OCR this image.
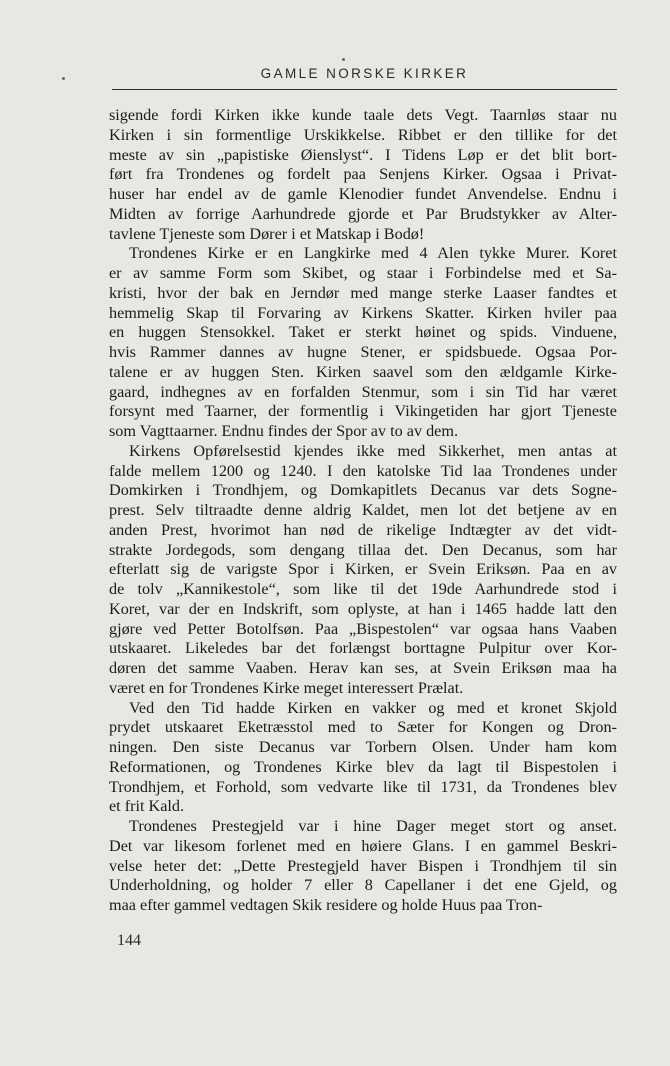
GAMLE NORSKE KIRKER
sigende fordi Kirken ikke kunde taale dets Vegt. Taarnløs staar nu
Kirken i sin formentlige Urskikkelse. Ribbet er den tillike for det
meste av sin „papistiske Øienslyst“. I Tidens Løp er det blit bort-
ført fra Trondenes og fordelt paa Senjens Kirker. Ogsaa i Privat-
huser har endel av de gamle Klenodier fundet Anvendelse. Endnu i
Midten av forrige Aarhundrede gjorde et Par Brudstykker av Alter-
tavlene Tjeneste som Dører i et Matskap i Bodø!
Trondenes Kirke er en Langkirke med 4 Alen tykke Murer. Koret
er av samme Form som Skibet, og staar i Forbindelse med et Sa-
kristi, hvor der bak en Jerndør med mange sterke Laaser fandtes et
hemmelig Skap til Forvaring av Kirkens Skatter. Kirken hviler paa
en huggen Stensokkel. Taket er sterkt høinet og spids. Vinduene,
hvis Rammer dannes av hugne Stener, er spidsbuede. Ogsaa Por-
talene er av huggen Sten. Kirken saavel som den ældgamle Kirke-
gaard, indhegnes av en forfalden Stenmur, som i sin Tid har været
forsynt med Taarner, der formentlig i Vikingetiden har gjort Tjeneste
som Vagttaarner. Endnu findes der Spor av to av dem.
Kirkens Opførelsestid kjendes ikke med Sikkerhet, men antas at
falde mellem 1200 og 1240. I den katolske Tid laa Trondenes under
Domkirken i Trondhjem, og Domkapitlets Decanus var dets Sogne-
prest. Selv tiltraadte denne aldrig Kaldet, men lot det betjene av en
anden Prest, hvorimot han nød de rikelige Indtægter av det vidt-
strakte Jordegods, som dengang tillaa det. Den Decanus, som har
efterlatt sig de varigste Spor i Kirken, er Svein Eriksøn. Paa en av
de tolv „Kannikestole“, som like til det 19de Aarhundrede stod i
Koret, var der en Indskrift, som oplyste, at han i 1465 hadde latt den
gjøre ved Petter Botolfsøn. Paa „Bispestolen“ var ogsaa hans Vaaben
utskaaret. Likeledes bar det forlængst borttagne Pulpitur over Kor-
døren det samme Vaaben. Herav kan ses, at Svein Eriksøn maa ha
været en for Trondenes Kirke meget interessert Prælat.
Ved den Tid hadde Kirken en vakker og med et kronet Skjold
prydet utskaaret Eketræsstol med to Sæter for Kongen og Dron-
ningen. Den siste Decanus var Torbern Olsen. Under ham kom
Reformationen, og Trondenes Kirke blev da lagt til Bispestolen i
Trondhjem, et Forhold, som vedvarte like til 1731, da Trondenes blev
et frit Kald.
Trondenes Prestegjeld var i hine Dager meget stort og anset.
Det var likesom forlenet med en høiere Glans. I en gammel Beskri-
velse heter det: „Dette Prestegjeld haver Bispen i Trondhjem til sin
Underholdning, og holder 7 eller 8 Capellaner i det ene Gjeld, og
maa efter gammel vedtagen Skik residere og holde Huus paa Tron-
144
